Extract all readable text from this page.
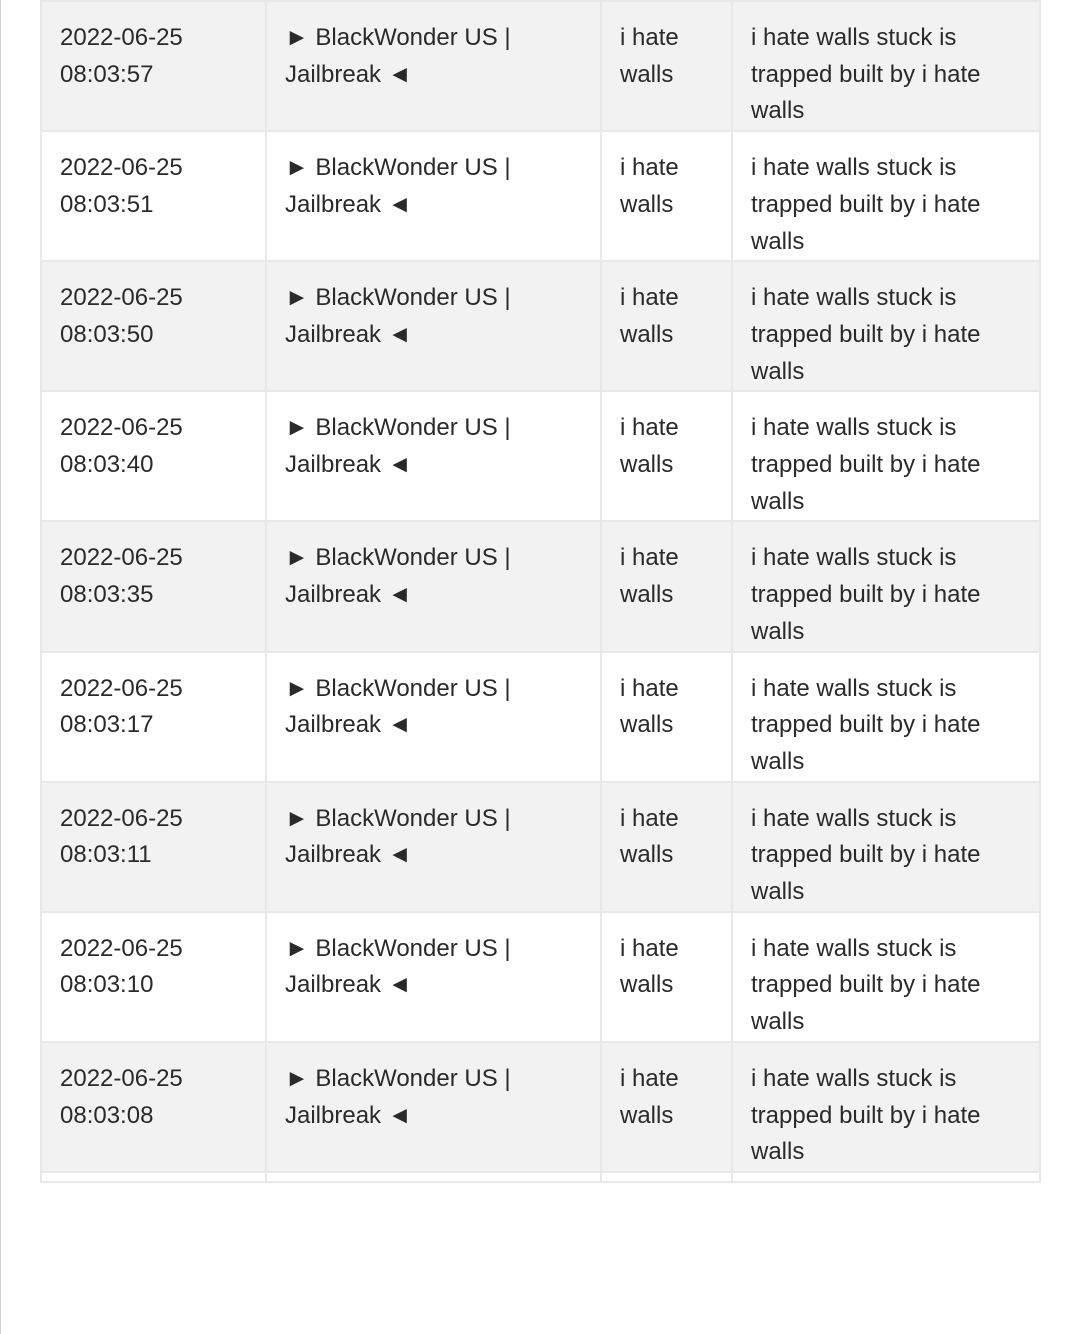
2022-06-25 08:03:57	► BlackWonder US | Jailbreak ◄	i hate walls	i hate walls stuck is trapped built by i hate walls
2022-06-25 08:03:51	► BlackWonder US | Jailbreak ◄	i hate walls	i hate walls stuck is trapped built by i hate walls
2022-06-25 08:03:50	► BlackWonder US | Jailbreak ◄	i hate walls	i hate walls stuck is trapped built by i hate walls
2022-06-25 08:03:40	► BlackWonder US | Jailbreak ◄	i hate walls	i hate walls stuck is trapped built by i hate walls
2022-06-25 08:03:35	► BlackWonder US | Jailbreak ◄	i hate walls	i hate walls stuck is trapped built by i hate walls
2022-06-25 08:03:17	► BlackWonder US | Jailbreak ◄	i hate walls	i hate walls stuck is trapped built by i hate walls
2022-06-25 08:03:11	► BlackWonder US | Jailbreak ◄	i hate walls	i hate walls stuck is trapped built by i hate walls
2022-06-25 08:03:10	► BlackWonder US | Jailbreak ◄	i hate walls	i hate walls stuck is trapped built by i hate walls
2022-06-25 08:03:08	► BlackWonder US | Jailbreak ◄	i hate walls	i hate walls stuck is trapped built by i hate walls
